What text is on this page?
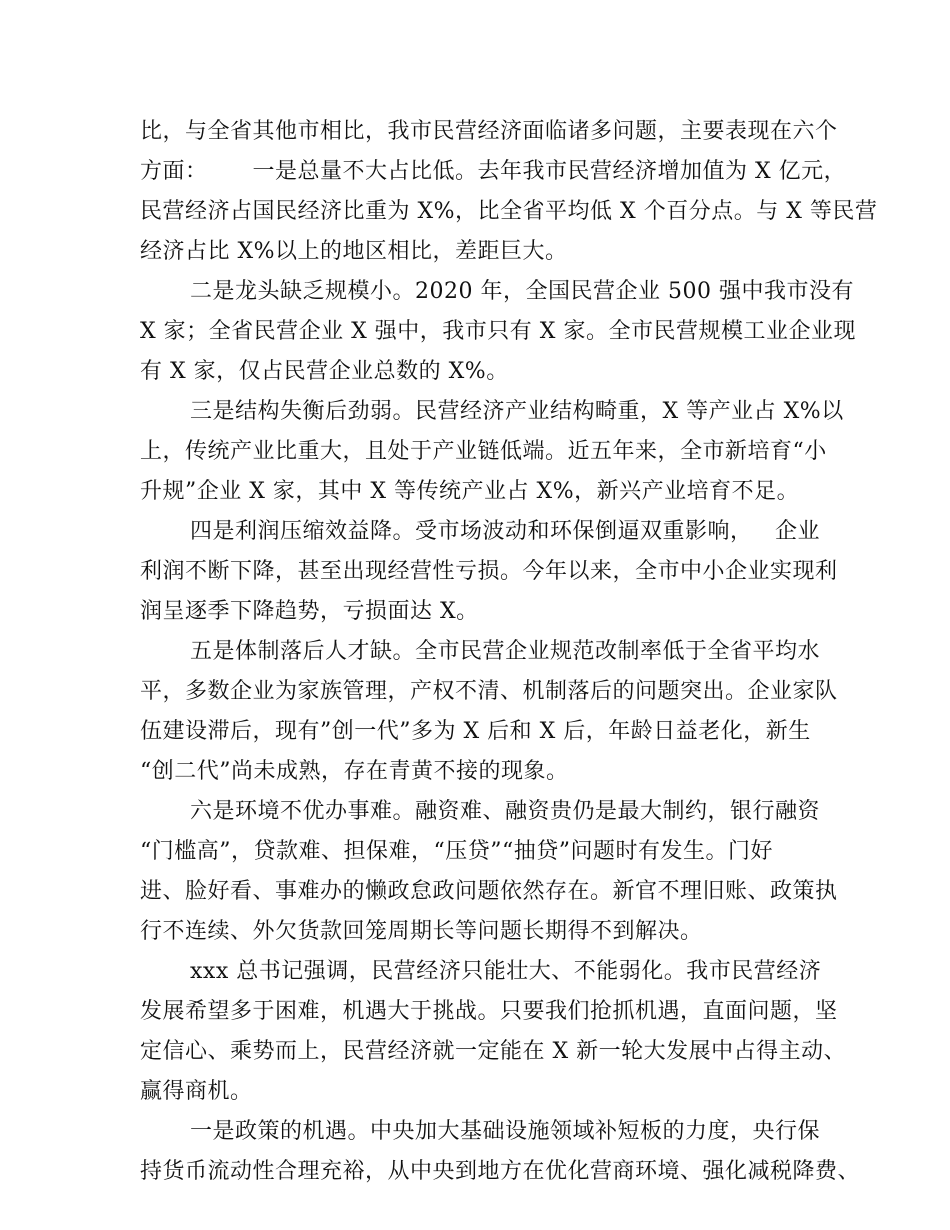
比，与全省其他市相比，我市民营经济面临诸多问题，主要表现在六个
方面：      一是总量不大占比低。去年我市民营经济增加值为 X 亿元，
民营经济占国民经济比重为 X%，比全省平均低 X 个百分点。与 X 等民营
经济占比 X%以上的地区相比，差距巨大。
二是龙头缺乏规模小。2020 年，全国民营企业 500 强中我市没有
X 家；全省民营企业 X 强中，我市只有 X 家。全市民营规模工业企业现
有 X 家，仅占民营企业总数的 X%。
三是结构失衡后劲弱。民营经济产业结构畸重，X 等产业占 X%以
上，传统产业比重大，且处于产业链低端。近五年来，全市新培育“小
升规”企业 X 家，其中 X 等传统产业占 X%，新兴产业培育不足。
四是利润压缩效益降。受市场波动和环保倒逼双重影响，   企业
利润不断下降，甚至出现经营性亏损。今年以来，全市中小企业实现利
润呈逐季下降趋势，亏损面达 X。
五是体制落后人才缺。全市民营企业规范改制率低于全省平均水
平，多数企业为家族管理，产权不清、机制落后的问题突出。企业家队
伍建设滞后，现有”创一代”多为 X 后和 X 后，年龄日益老化，新生
“创二代”尚未成熟，存在青黄不接的现象。
六是环境不优办事难。融资难、融资贵仍是最大制约，银行融资
“门槛高”，贷款难、担保难，“压贷”“抽贷”问题时有发生。门好
进、脸好看、事难办的懒政怠政问题依然存在。新官不理旧账、政策执
行不连续、外欠货款回笼周期长等问题长期得不到解决。
xxx 总书记强调，民营经济只能壮大、不能弱化。我市民营经济
发展希望多于困难，机遇大于挑战。只要我们抢抓机遇，直面问题，坚
定信心、乘势而上，民营经济就一定能在 X 新一轮大发展中占得主动、
赢得商机。
一是政策的机遇。中央加大基础设施领域补短板的力度，央行保
持货币流动性合理充裕，从中央到地方在优化营商环境、强化减税降费、
